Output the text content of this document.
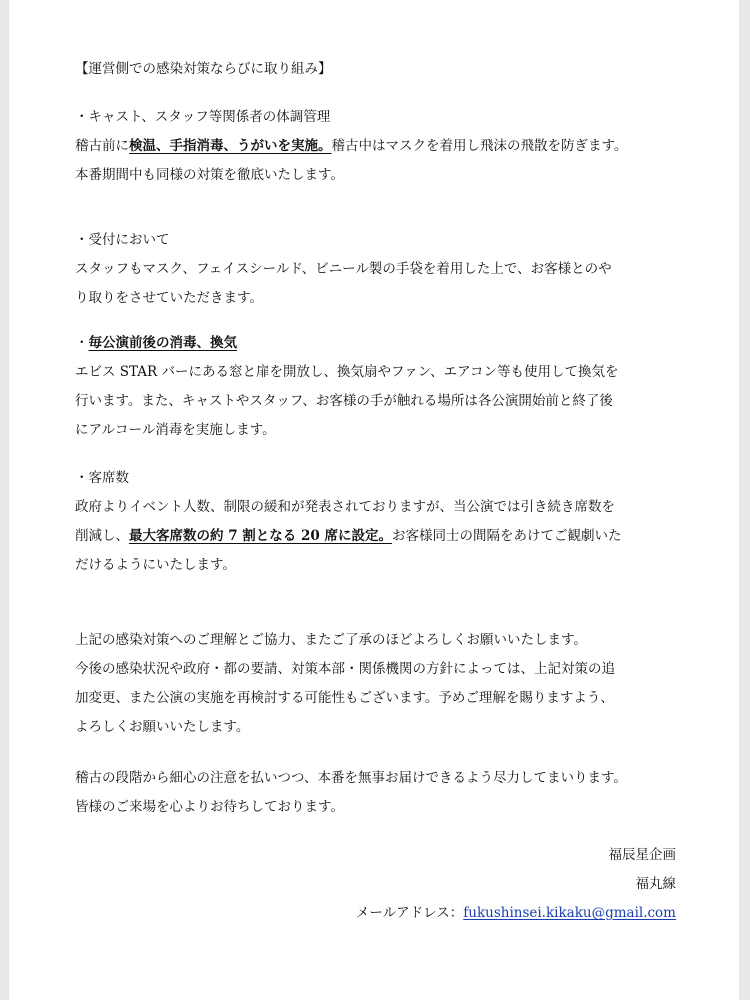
【運営側での感染対策ならびに取り組み】

・キャスト、スタッフ等関係者の体調管理
稽古前に検温、手指消毒、うがいを実施。稽古中はマスクを着用し飛沫の飛散を防ぎます。
本番期間中も同様の対策を徹底いたします。

・受付において
スタッフもマスク、フェイスシールド、ビニール製の手袋を着用した上で、お客様とのや
り取りをさせていただきます。

・毎公演前後の消毒、換気
エビス STAR バーにある窓と扉を開放し、換気扇やファン、エアコン等も使用して換気を
行います。また、キャストやスタッフ、お客様の手が触れる場所は各公演開始前と終了後
にアルコール消毒を実施します。

・客席数
政府よりイベント人数、制限の緩和が発表されておりますが、当公演では引き続き席数を
削減し、最大客席数の約 7 割となる 20 席に設定。お客様同士の間隔をあけてご観劇いた
だけるようにいたします。

上記の感染対策へのご理解とご協力、またご了承のほどよろしくお願いいたします。
今後の感染状況や政府・都の要請、対策本部・関係機関の方針によっては、上記対策の追
加変更、また公演の実施を再検討する可能性もございます。予めご理解を賜りますよう、
よろしくお願いいたします。

稽古の段階から細心の注意を払いつつ、本番を無事お届けできるよう尽力してまいります。
皆様のご来場を心よりお待ちしております。

福辰星企画
福丸線
メールアドレス：fukushinsei.kikaku@gmail.com
